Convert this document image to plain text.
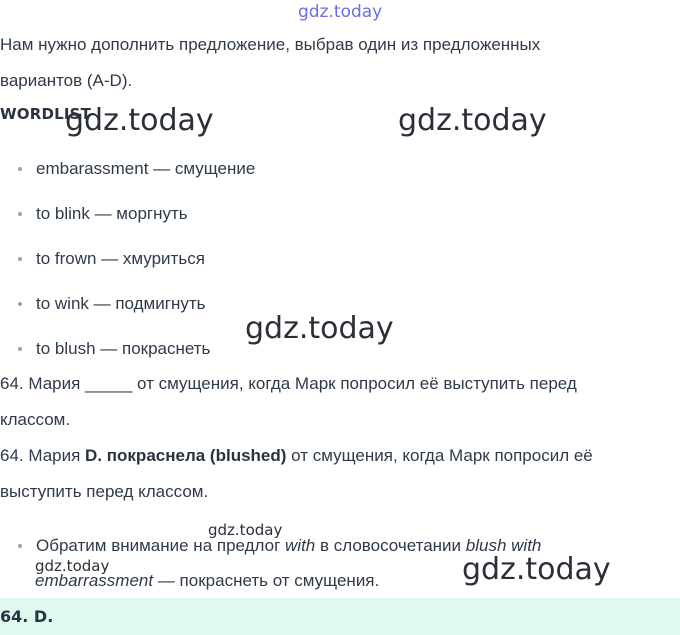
gdz.today
Нам нужно дополнить предложение, выбрав один из предложенных
вариантов (A-D).
WORDLIST
gdz.today	gdz.today
embarassment — смущение
to blink — моргнуть
to frown — хмуриться
to wink — подмигнуть
to blush — покраснеть
gdz.today
64. Мария _____ от смущения, когда Марк попросил её выступить перед
классом.
64. Мария D. покраснела (blushed) от смущения, когда Марк попросил её
выступить перед классом.
gdz.today
Обратим внимание на предлог with в словосочетании blush with
gdz.today
embarrassment — покраснеть от смущения.	gdz.today
64. D.
